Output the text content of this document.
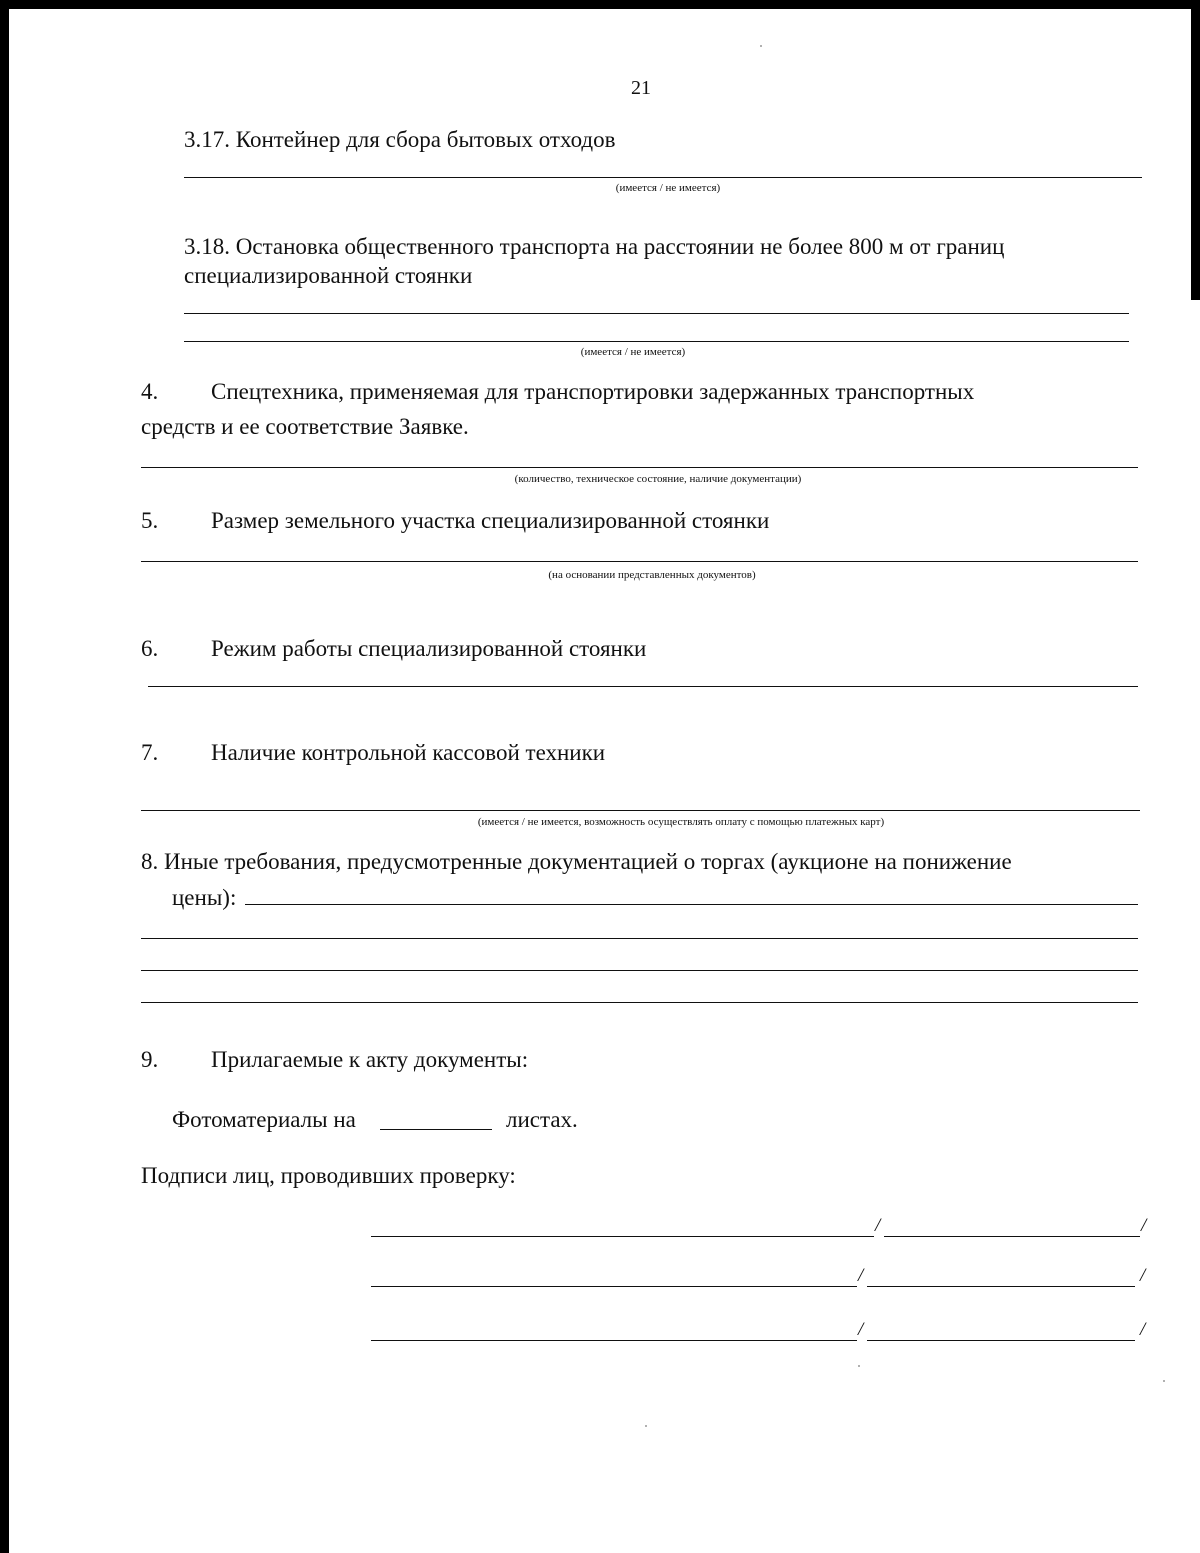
21
3.17. Контейнер для сбора бытовых отходов
(имеется / не имеется)
3.18. Остановка общественного транспорта на расстоянии не более 800 м от границ
специализированной стоянки
(имеется / не имеется)
4. Спецтехника, применяемая для транспортировки задержанных транспортных
средств и ее соответствие Заявке.
(количество, техническое состояние, наличие документации)
5. Размер земельного участка специализированной стоянки
(на основании представленных документов)
6. Режим работы специализированной стоянки
7. Наличие контрольной кассовой техники
(имеется / не имеется, возможность осуществлять оплату с помощью платежных карт)
8. Иные требования, предусмотренные документацией о торгах (аукционе на понижение
цены):
9. Прилагаемые к акту документы:
Фотоматериалы на	листах.
Подписи лиц, проводивших проверку:
/	/
/	/
/	/
